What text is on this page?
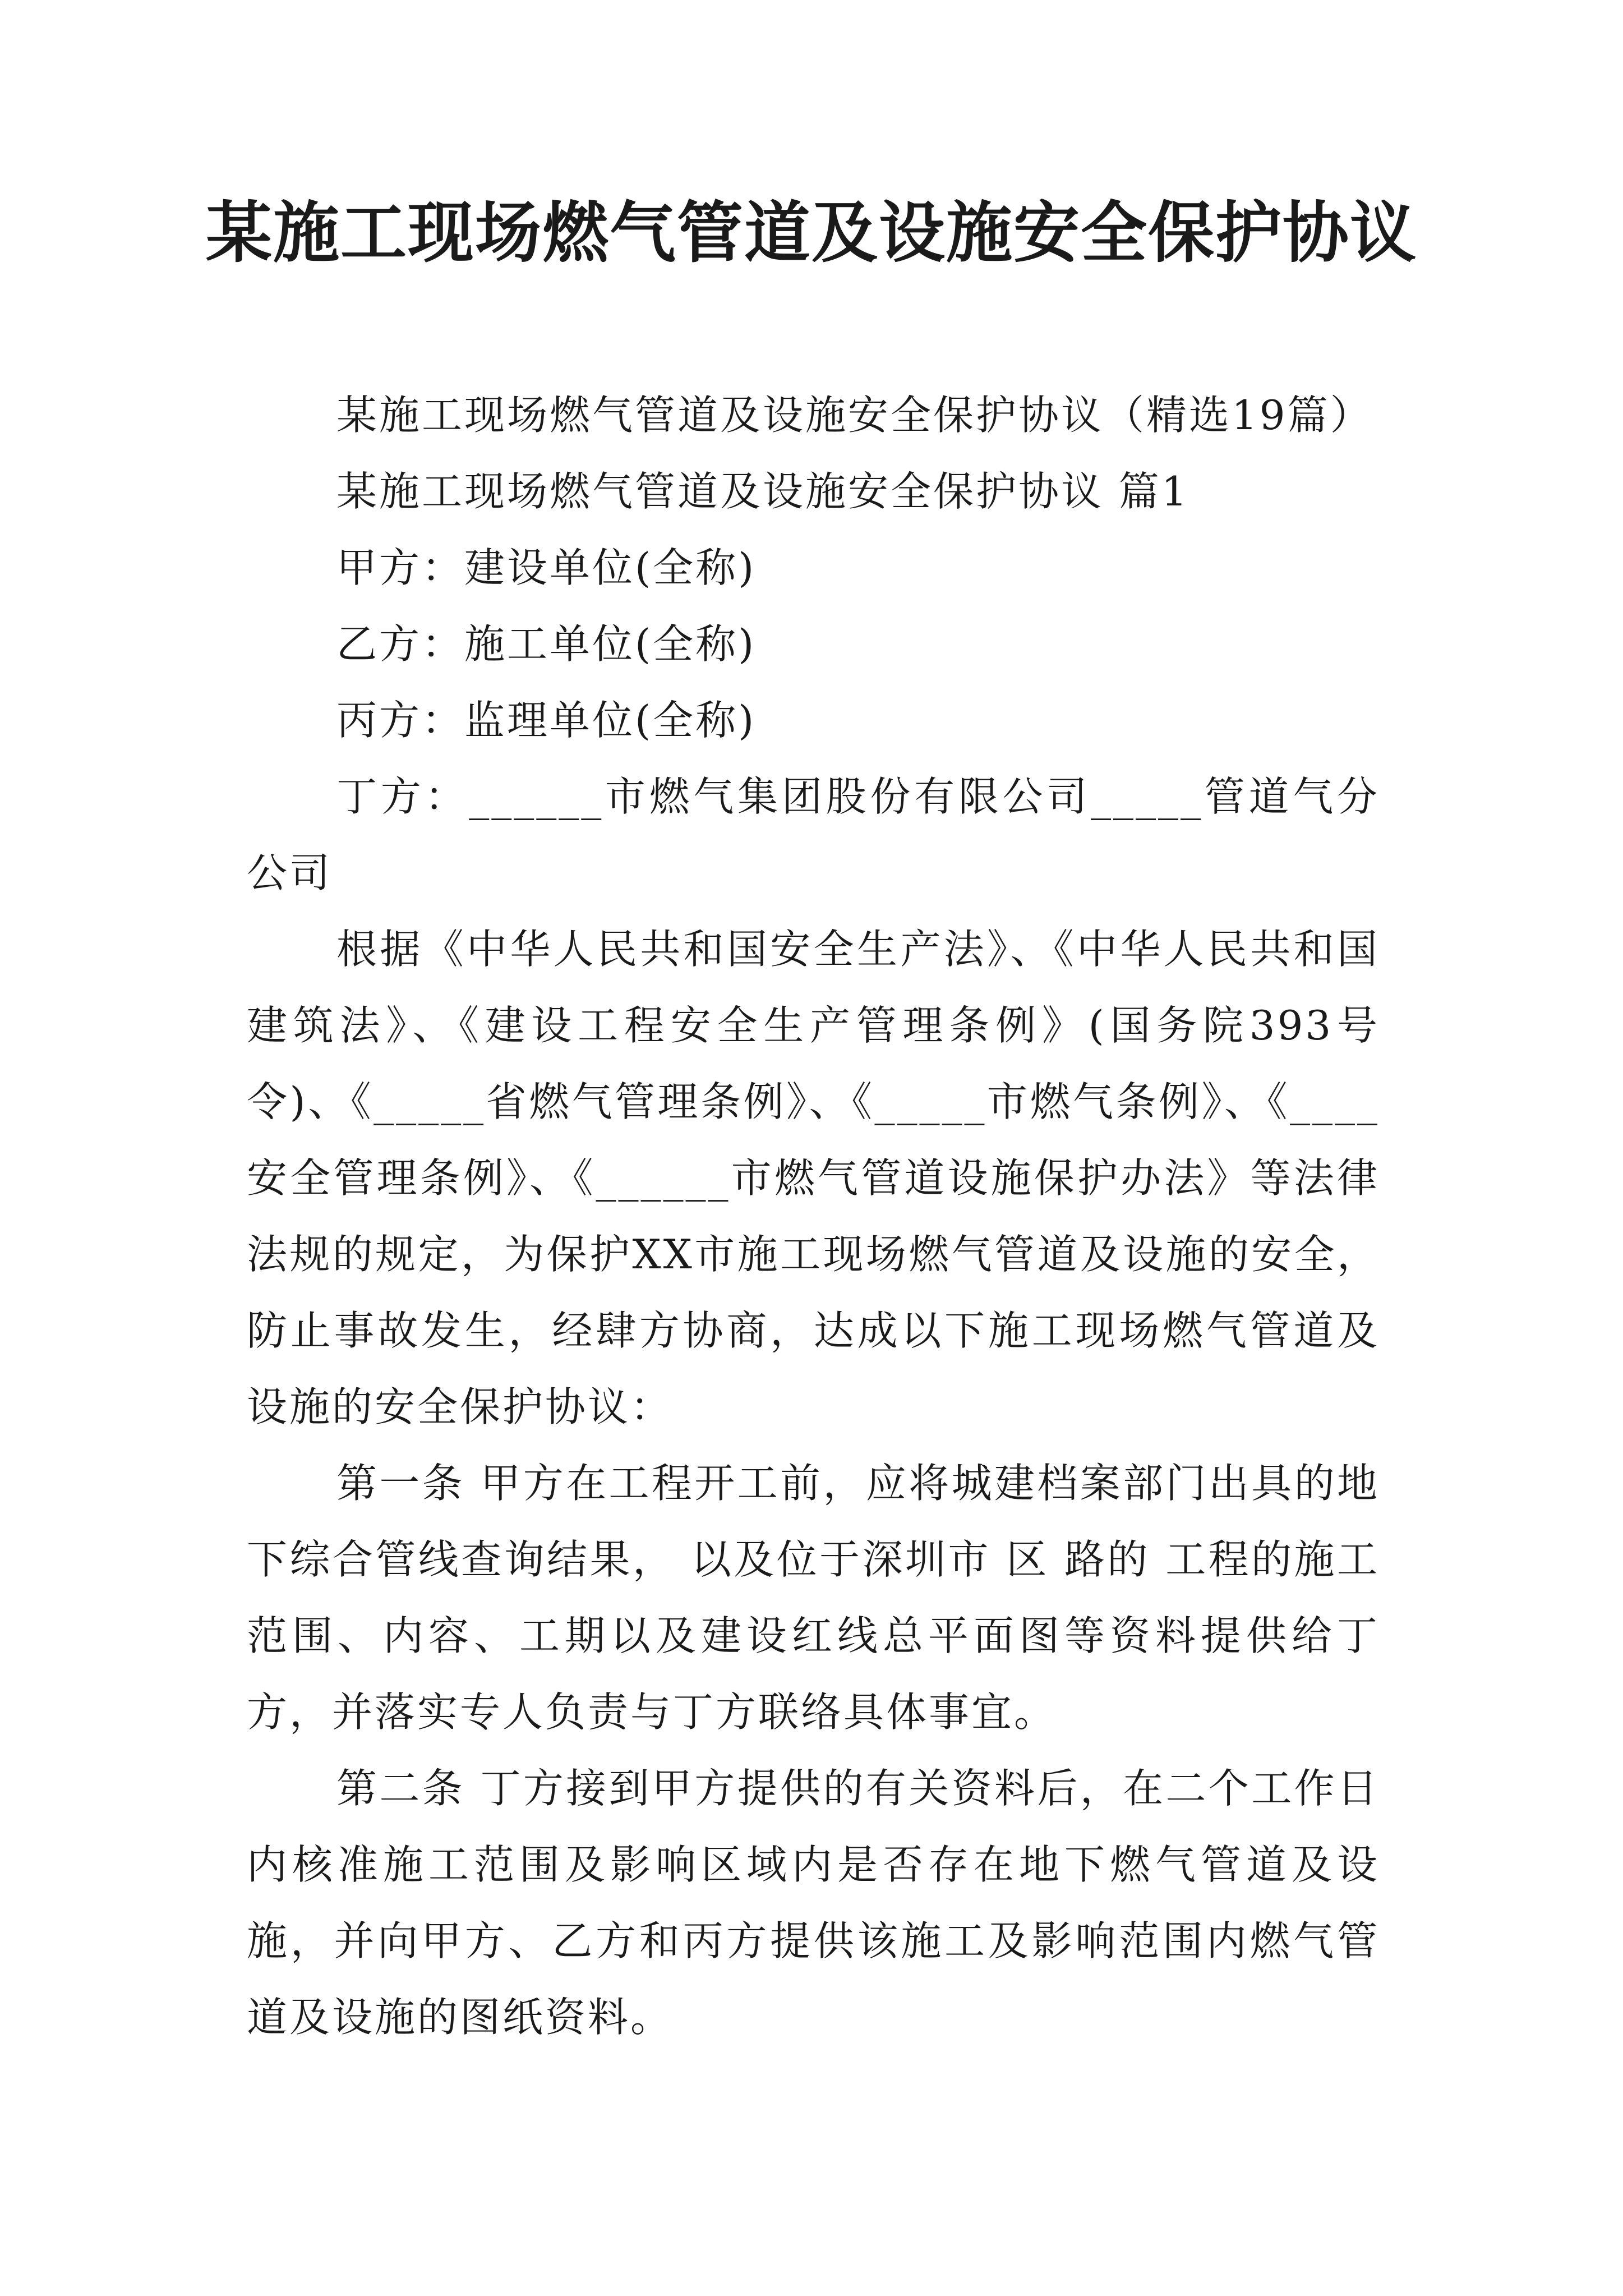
某施工现场燃气管道及设施安全保护协议

某施工现场燃气管道及设施安全保护协议（精选19篇）

某施工现场燃气管道及设施安全保护协议 篇1

甲方：建设单位(全称)

乙方：施工单位(全称)

丙方：监理单位(全称)

丁方：______市燃气集团股份有限公司_____管道气分公司

根据《中华人民共和国安全生产法》、《中华人民共和国建筑法》、《建设工程安全生产管理条例》(国务院393号令)、《_____省燃气管理条例》、《_____市燃气条例》、《____安全管理条例》、《______市燃气管道设施保护办法》等法律法规的规定，为保护XX市施工现场燃气管道及设施的安全，防止事故发生，经肆方协商，达成以下施工现场燃气管道及设施的安全保护协议：

第一条 甲方在工程开工前，应将城建档案部门出具的地下综合管线查询结果， 以及位于深圳市 区 路的 工程的施工范围、内容、工期以及建设红线总平面图等资料提供给丁方，并落实专人负责与丁方联络具体事宜。

第二条 丁方接到甲方提供的有关资料后，在二个工作日内核准施工范围及影响区域内是否存在地下燃气管道及设施，并向甲方、乙方和丙方提供该施工及影响范围内燃气管道及设施的图纸资料。
